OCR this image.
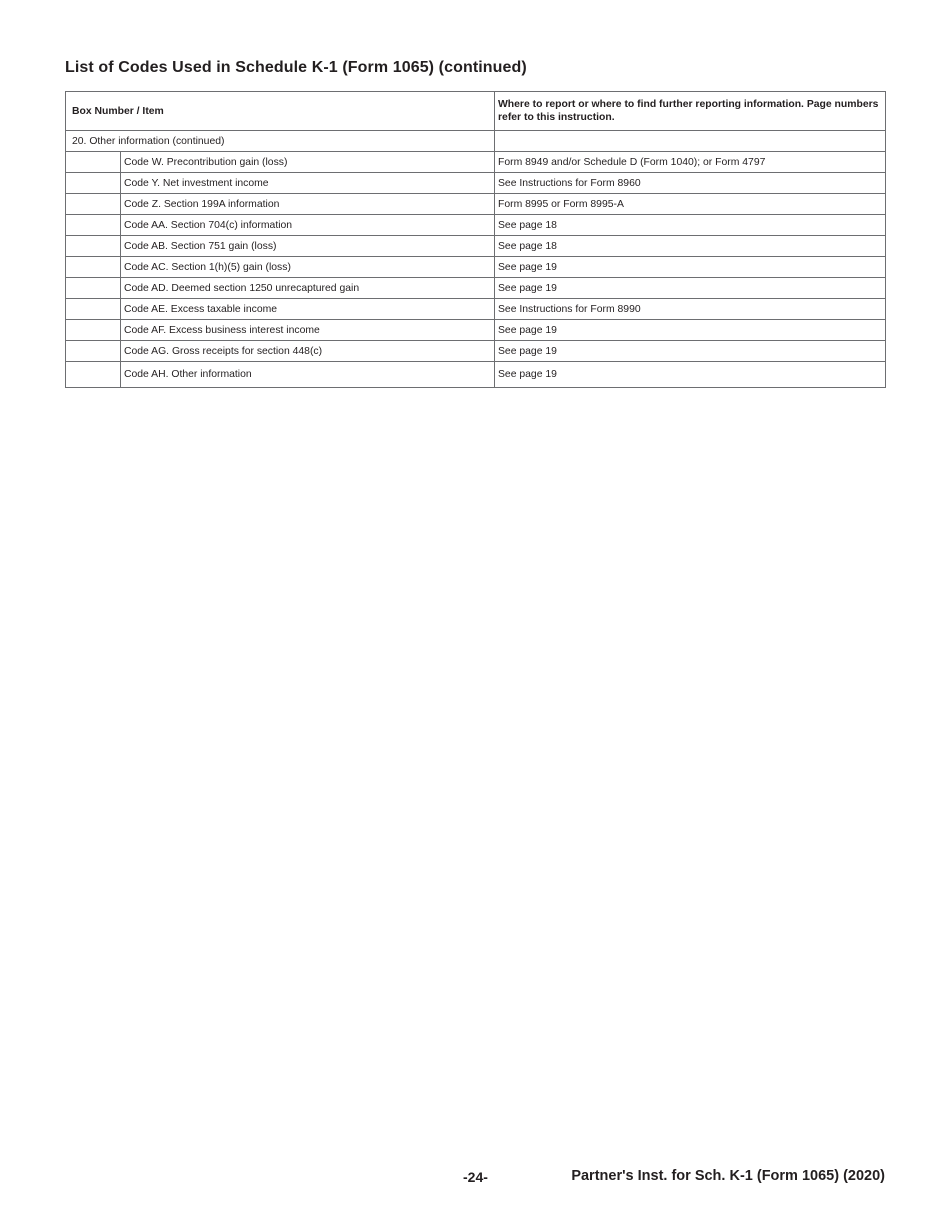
List of Codes Used in Schedule K-1 (Form 1065) (continued)
Box Number / Item		Where to report or where to find further reporting information. Page numbers refer to this instruction.
20. Other information (continued)		
	Code W. Precontribution gain (loss)	Form 8949 and/or Schedule D (Form 1040); or Form 4797
	Code Y. Net investment income	See Instructions for Form 8960
	Code Z. Section 199A information	Form 8995 or Form 8995-A
	Code AA. Section 704(c) information	See page 18
	Code AB. Section 751 gain (loss)	See page 18
	Code AC. Section 1(h)(5) gain (loss)	See page 19
	Code AD. Deemed section 1250 unrecaptured gain	See page 19
	Code AE. Excess taxable income	See Instructions for Form 8990
	Code AF. Excess business interest income	See page 19
	Code AG. Gross receipts for section 448(c)	See page 19
	Code AH. Other information	See page 19
-24-	Partner's Inst. for Sch. K-1 (Form 1065) (2020)
